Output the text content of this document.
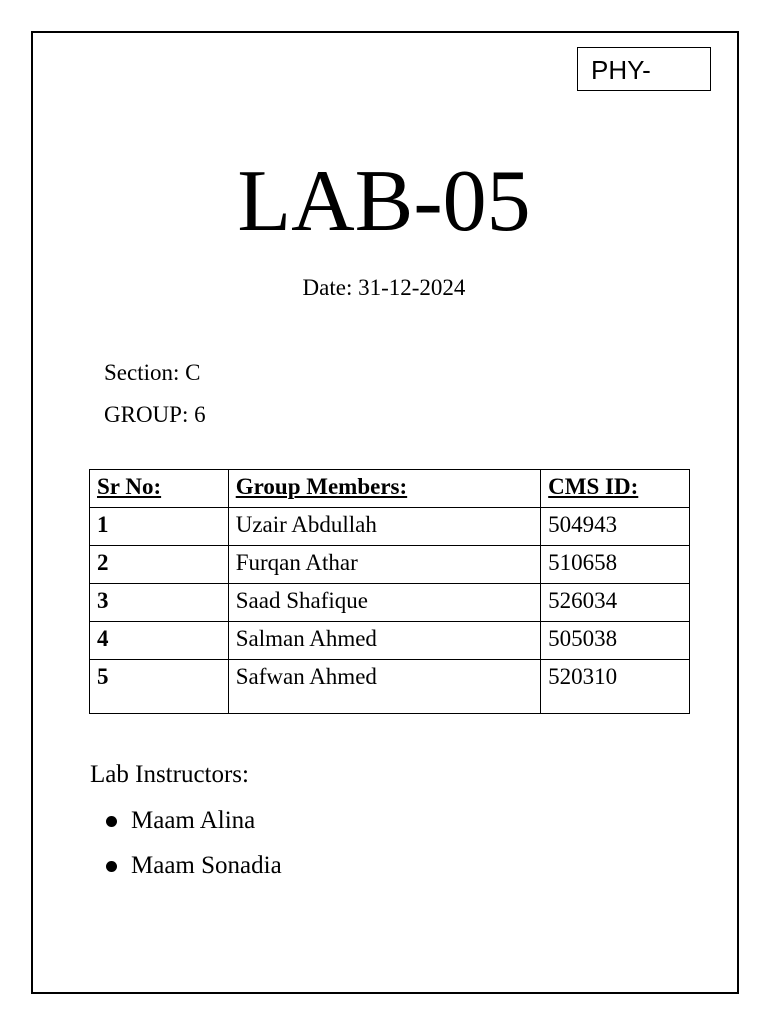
PHY-
LAB-05
Date: 31-12-2024
Section: C
GROUP: 6
Sr No:	Group Members:	CMS ID:
1	Uzair Abdullah	504943
2	Furqan Athar	510658
3	Saad Shafique	526034
4	Salman Ahmed	505038
5	Safwan Ahmed	520310
Lab Instructors:
Maam Alina
Maam Sonadia
